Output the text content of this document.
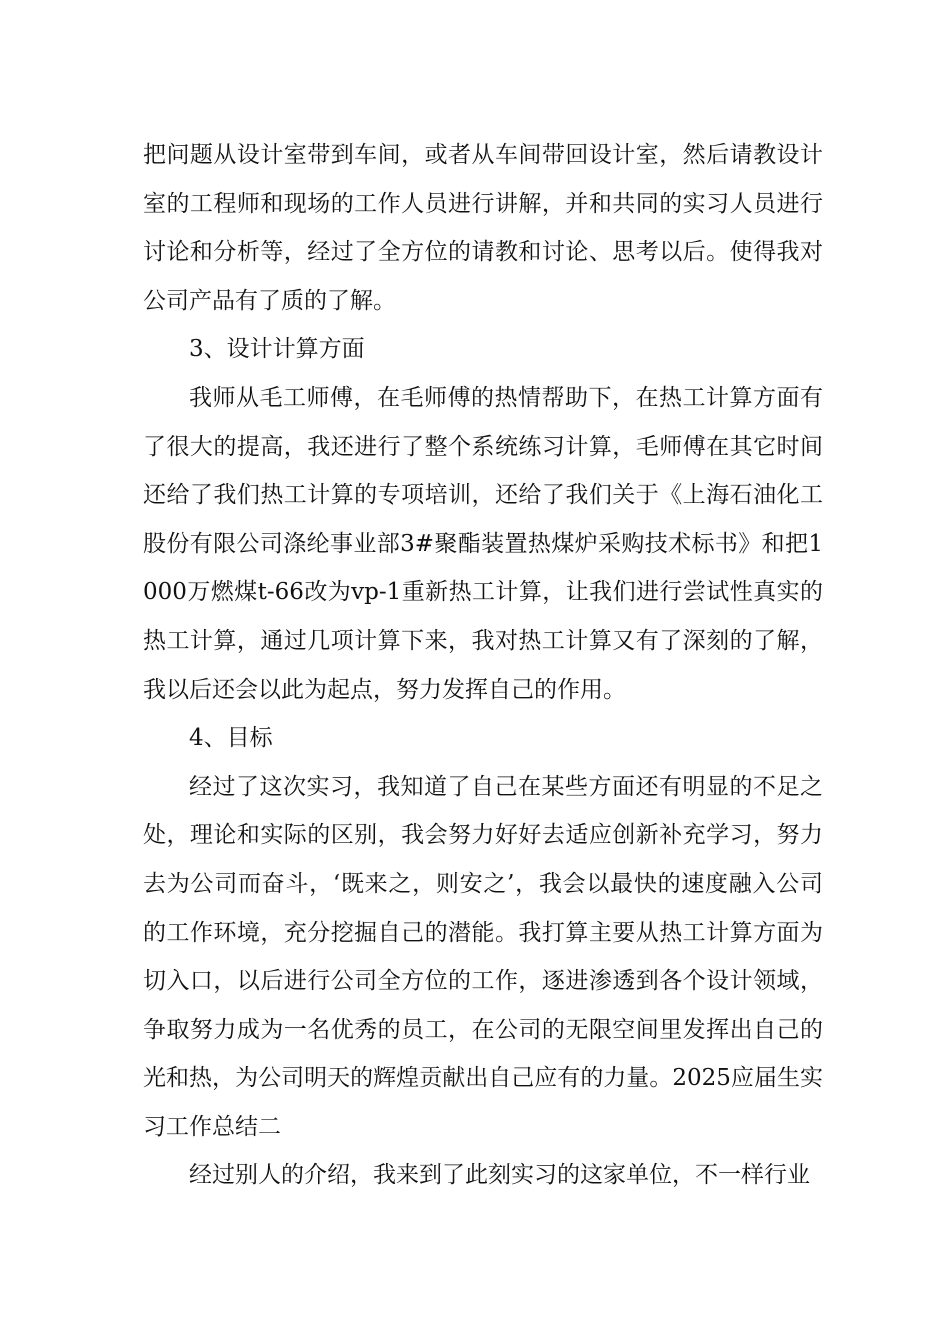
把问题从设计室带到车间，或者从车间带回设计室，然后请教设计室的工程师和现场的工作人员进行讲解，并和共同的实习人员进行讨论和分析等，经过了全方位的请教和讨论、思考以后。使得我对公司产品有了质的了解。

3、设计计算方面

我师从毛工师傅，在毛师傅的热情帮助下，在热工计算方面有了很大的提高，我还进行了整个系统练习计算，毛师傅在其它时间还给了我们热工计算的专项培训，还给了我们关于《上海石油化工股份有限公司涤纶事业部3#聚酯装置热煤炉采购技术标书》和把1000万燃煤t-66改为vp-1重新热工计算，让我们进行尝试性真实的热工计算，通过几项计算下来，我对热工计算又有了深刻的了解，我以后还会以此为起点，努力发挥自己的作用。

4、目标

经过了这次实习，我知道了自己在某些方面还有明显的不足之处，理论和实际的区别，我会努力好好去适应创新补充学习，努力去为公司而奋斗，‘既来之，则安之’，我会以最快的速度融入公司的工作环境，充分挖掘自己的潜能。我打算主要从热工计算方面为切入口，以后进行公司全方位的工作，逐进渗透到各个设计领域，争取努力成为一名优秀的员工，在公司的无限空间里发挥出自己的光和热，为公司明天的辉煌贡献出自己应有的力量。2025应届生实习工作总结二

经过别人的介绍，我来到了此刻实习的这家单位，不一样行业
